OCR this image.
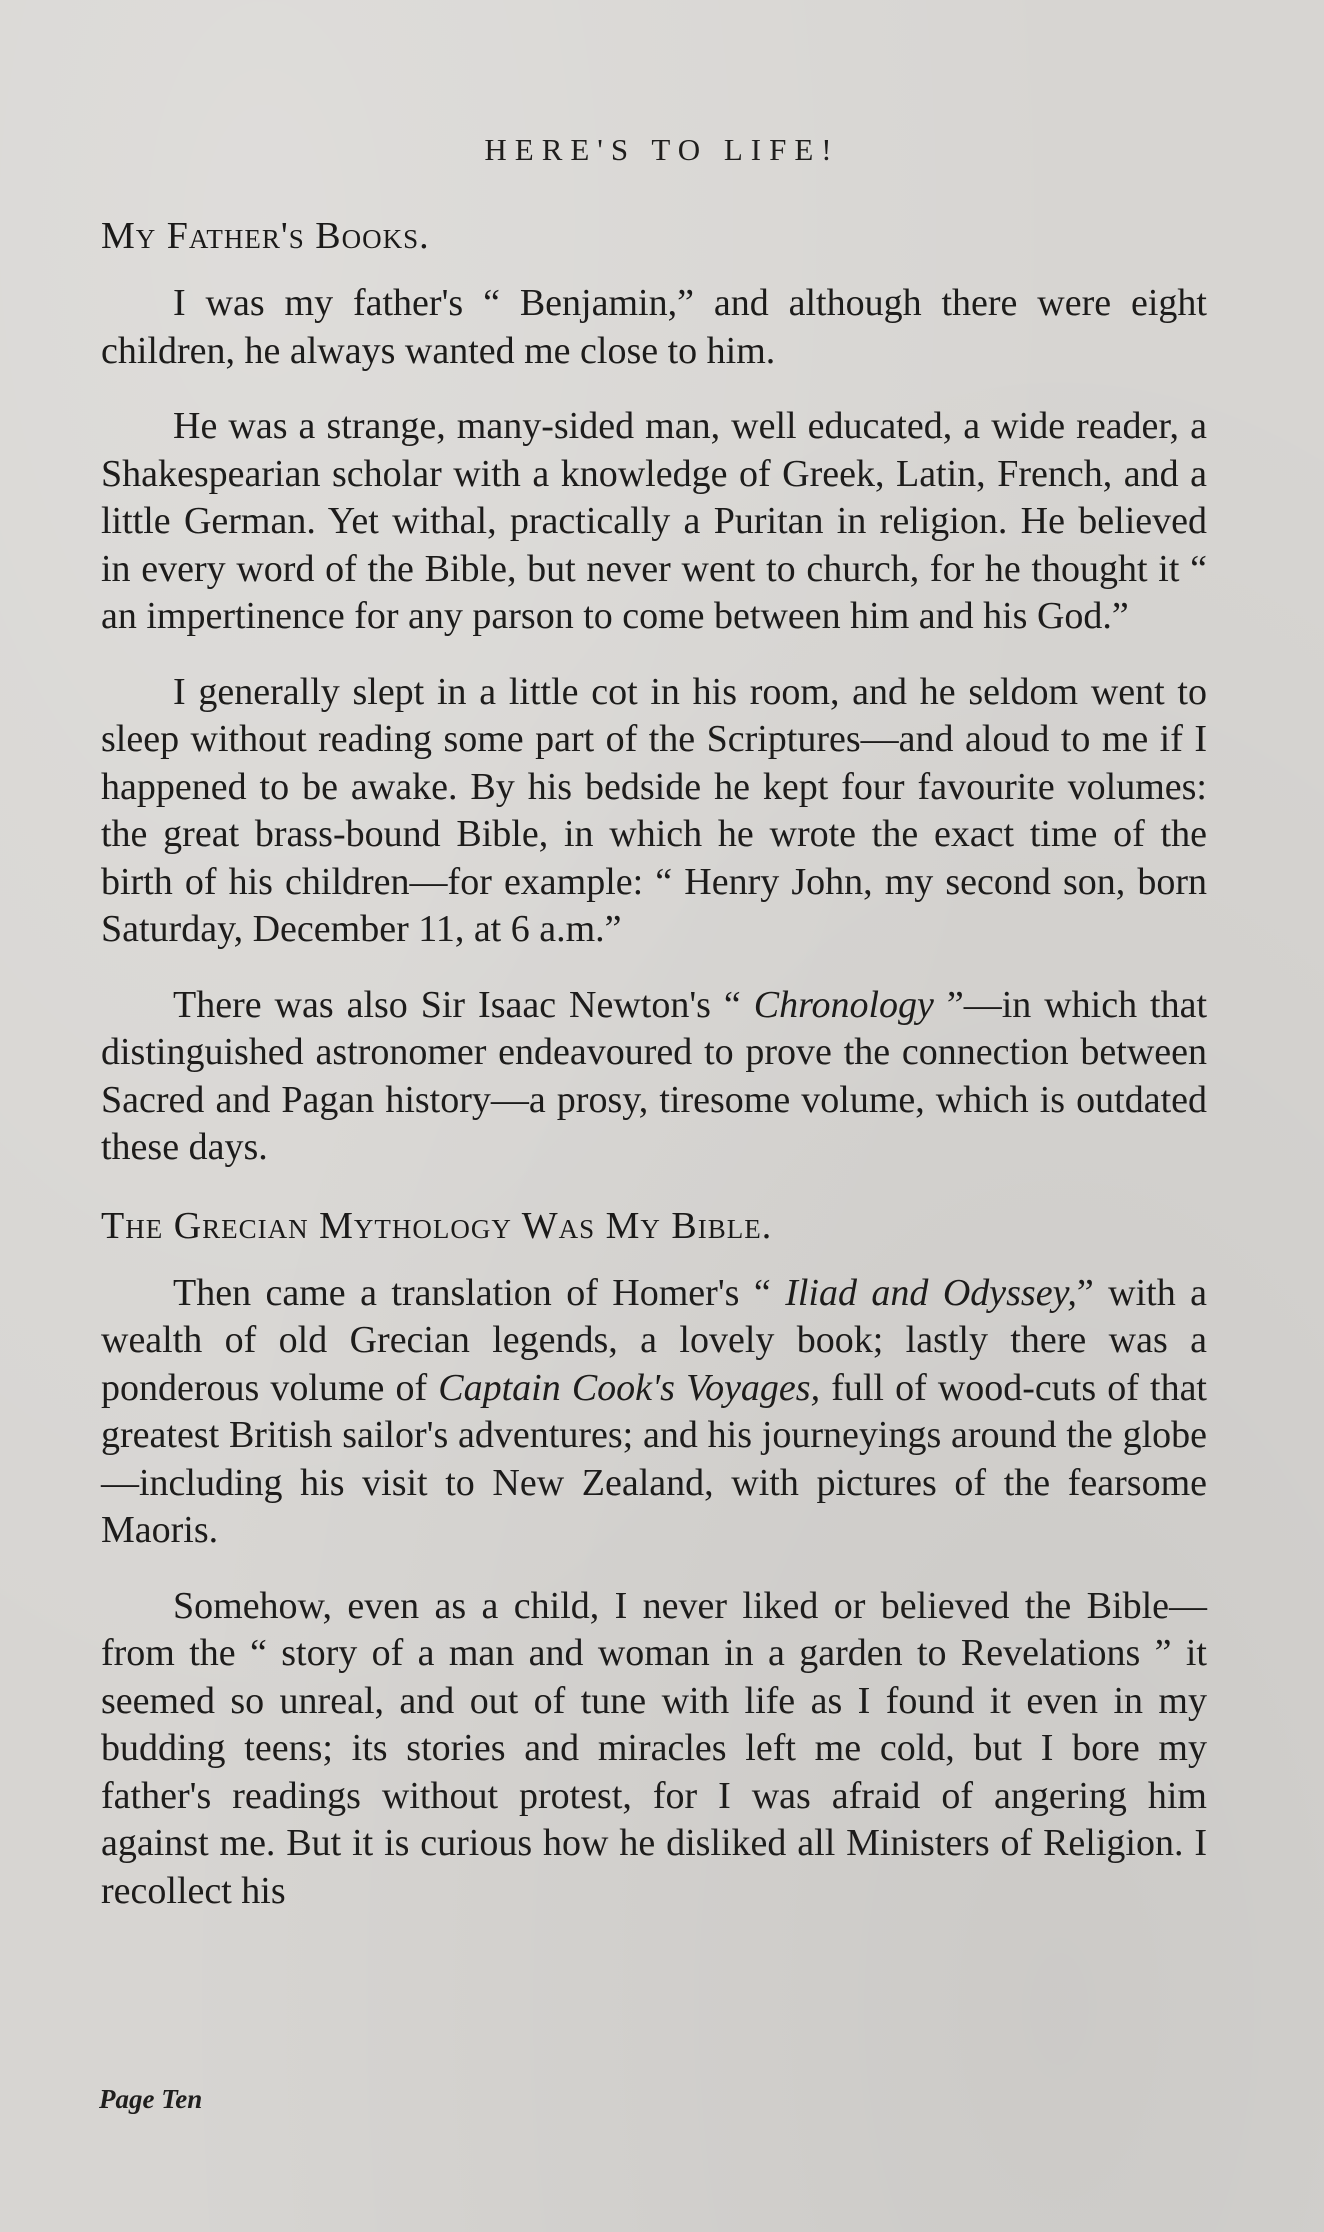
HERE'S TO LIFE!
My Father's Books.

I was my father's “ Benjamin,” and although there were eight children, he always wanted me close to him.

He was a strange, many-sided man, well educated, a wide reader, a Shakespearian scholar with a knowledge of Greek, Latin, French, and a little German. Yet withal, practically a Puritan in religion. He believed in every word of the Bible, but never went to church, for he thought it “ an impertinence for any parson to come between him and his God.”

I generally slept in a little cot in his room, and he seldom went to sleep without reading some part of the Scriptures—and aloud to me if I happened to be awake. By his bedside he kept four favourite volumes: the great brass-bound Bible, in which he wrote the exact time of the birth of his children—for example: “ Henry John, my second son, born Saturday, December 11, at 6 a.m.”

There was also Sir Isaac Newton's “ Chronology ”—in which that distinguished astronomer endeavoured to prove the connection between Sacred and Pagan history—a prosy, tiresome volume, which is outdated these days.

The Grecian Mythology Was My Bible.

Then came a translation of Homer's “ Iliad and Odyssey,” with a wealth of old Grecian legends, a lovely book; lastly there was a ponderous volume of Captain Cook's Voyages, full of wood-cuts of that greatest British sailor's adventures; and his journeyings around the globe—including his visit to New Zealand, with pictures of the fearsome Maoris.

Somehow, even as a child, I never liked or believed the Bible—from the “ story of a man and woman in a garden to Revelations ” it seemed so unreal, and out of tune with life as I found it even in my budding teens; its stories and miracles left me cold, but I bore my father's readings without protest, for I was afraid of angering him against me. But it is curious how he disliked all Ministers of Religion. I recollect his

Page Ten
